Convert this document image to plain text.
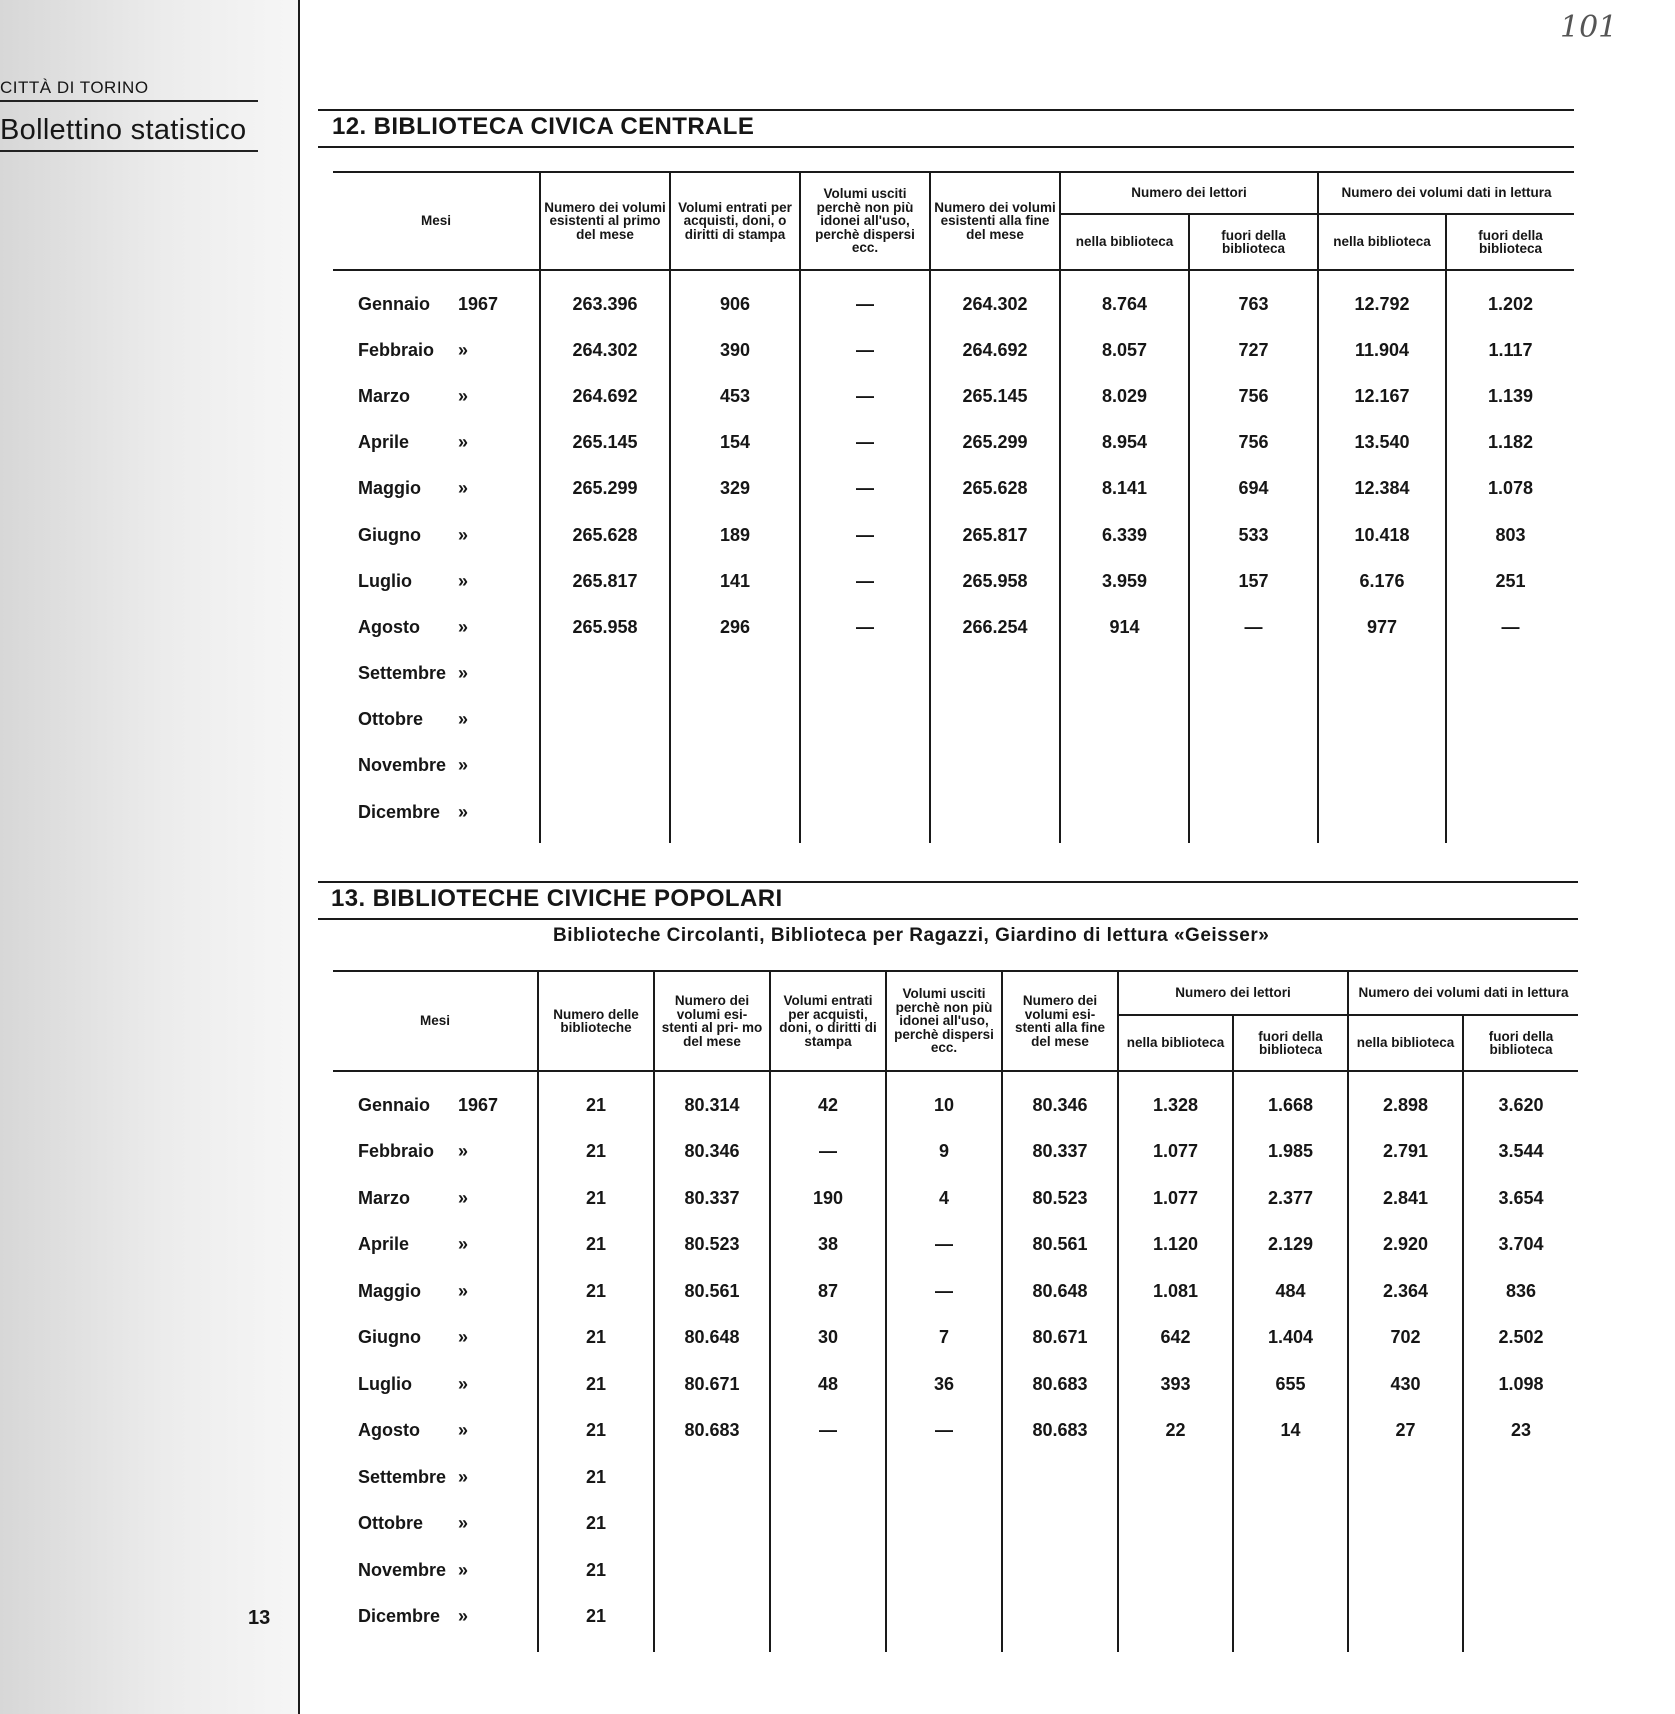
101
CITTÀ DI TORINO
Bollettino statistico
13
12. BIBLIOTECA CIVICA CENTRALE
Mesi	Numero dei volumi esistenti al primo del mese	Volumi entrati per acquisti, doni, o diritti di stampa	Volumi usciti perchè non più idonei all'uso, perchè dispersi ecc.	Numero dei volumi esistenti alla fine del mese	Numero dei lettori		Numero dei volumi dati in lettura	
					nella biblioteca	fuori della biblioteca	nella biblioteca	fuori della biblioteca

Gennaio 1967	263.396	906	—	264.302	8.764	763	12.792	1.202
Febbraio »	264.302	390	—	264.692	8.057	727	11.904	1.117
Marzo »	264.692	453	—	265.145	8.029	756	12.167	1.139
Aprile »	265.145	154	—	265.299	8.954	756	13.540	1.182
Maggio »	265.299	329	—	265.628	8.141	694	12.384	1.078
Giugno »	265.628	189	—	265.817	6.339	533	10.418	803
Luglio »	265.817	141	—	265.958	3.959	157	6.176	251
Agosto »	265.958	296	—	266.254	914	—	977	—
Settembre »								
Ottobre »								
Novembre »								
Dicembre »								

13. BIBLIOTECHE CIVICHE POPOLARI
Biblioteche Circolanti, Biblioteca per Ragazzi, Giardino di lettura «Geisser»
Mesi	Numero delle biblioteche	Numero dei volumi esi- stenti al pri- mo del mese	Volumi entrati per acquisti, doni, o diritti di stampa	Volumi usciti perchè non più idonei all'uso, perchè dispersi ecc.	Numero dei volumi esi- stenti alla fine del mese	Numero dei lettori		Numero dei volumi dati in lettura	
						nella biblioteca	fuori della biblioteca	nella biblioteca	fuori della biblioteca

Gennaio 1967	21	80.314	42	10	80.346	1.328	1.668	2.898	3.620
Febbraio »	21	80.346	—	9	80.337	1.077	1.985	2.791	3.544
Marzo »	21	80.337	190	4	80.523	1.077	2.377	2.841	3.654
Aprile »	21	80.523	38	—	80.561	1.120	2.129	2.920	3.704
Maggio »	21	80.561	87	—	80.648	1.081	484	2.364	836
Giugno »	21	80.648	30	7	80.671	642	1.404	702	2.502
Luglio »	21	80.671	48	36	80.683	393	655	430	1.098
Agosto »	21	80.683	—	—	80.683	22	14	27	23
Settembre »	21								
Ottobre »	21								
Novembre »	21								
Dicembre »	21								
